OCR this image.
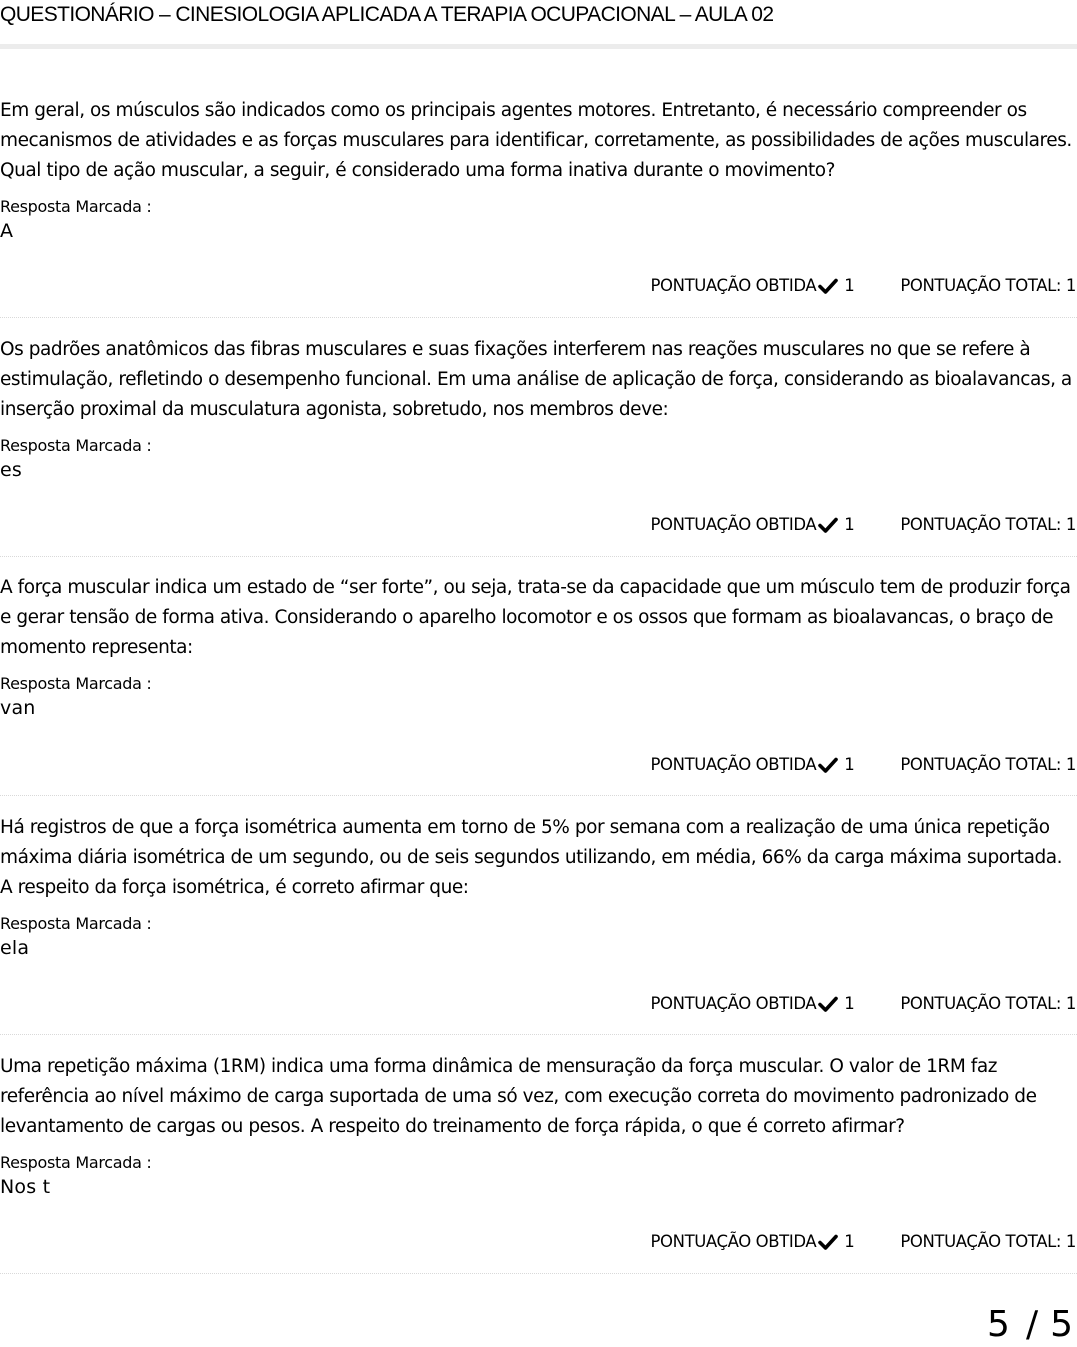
QUESTIONÁRIO – CINESIOLOGIA APLICADA A TERAPIA OCUPACIONAL – AULA 02

Em geral, os músculos são indicados como os principais agentes motores. Entretanto, é necessário compreender os mecanismos de atividades e as forças musculares para identificar, corretamente, as possibilidades de ações musculares. Qual tipo de ação muscular, a seguir, é considerado uma forma inativa durante o movimento?

Resposta Marcada :
A
PONTUAÇÃO OBTIDA 1	PONTUAÇÃO TOTAL: 1

Os padrões anatômicos das fibras musculares e suas fixações interferem nas reações musculares no que se refere à estimulação, refletindo o desempenho funcional. Em uma análise de aplicação de força, considerando as bioalavancas, a inserção proximal da musculatura agonista, sobretudo, nos membros deve:

Resposta Marcada :
es
PONTUAÇÃO OBTIDA 1	PONTUAÇÃO TOTAL: 1

A força muscular indica um estado de “ser forte”, ou seja, trata-se da capacidade que um músculo tem de produzir força e gerar tensão de forma ativa. Considerando o aparelho locomotor e os ossos que formam as bioalavancas, o braço de momento representa:

Resposta Marcada :
van
PONTUAÇÃO OBTIDA 1	PONTUAÇÃO TOTAL: 1

Há registros de que a força isométrica aumenta em torno de 5% por semana com a realização de uma única repetição máxima diária isométrica de um segundo, ou de seis segundos utilizando, em média, 66% da carga máxima suportada. A respeito da força isométrica, é correto afirmar que:

Resposta Marcada :
ela
PONTUAÇÃO OBTIDA 1	PONTUAÇÃO TOTAL: 1

Uma repetição máxima (1RM) indica uma forma dinâmica de mensuração da força muscular. O valor de 1RM faz referência ao nível máximo de carga suportada de uma só vez, com execução correta do movimento padronizado de levantamento de cargas ou pesos. A respeito do treinamento de força rápida, o que é correto afirmar?

Resposta Marcada :
Nos t
PONTUAÇÃO OBTIDA 1	PONTUAÇÃO TOTAL: 1
5 / 5
